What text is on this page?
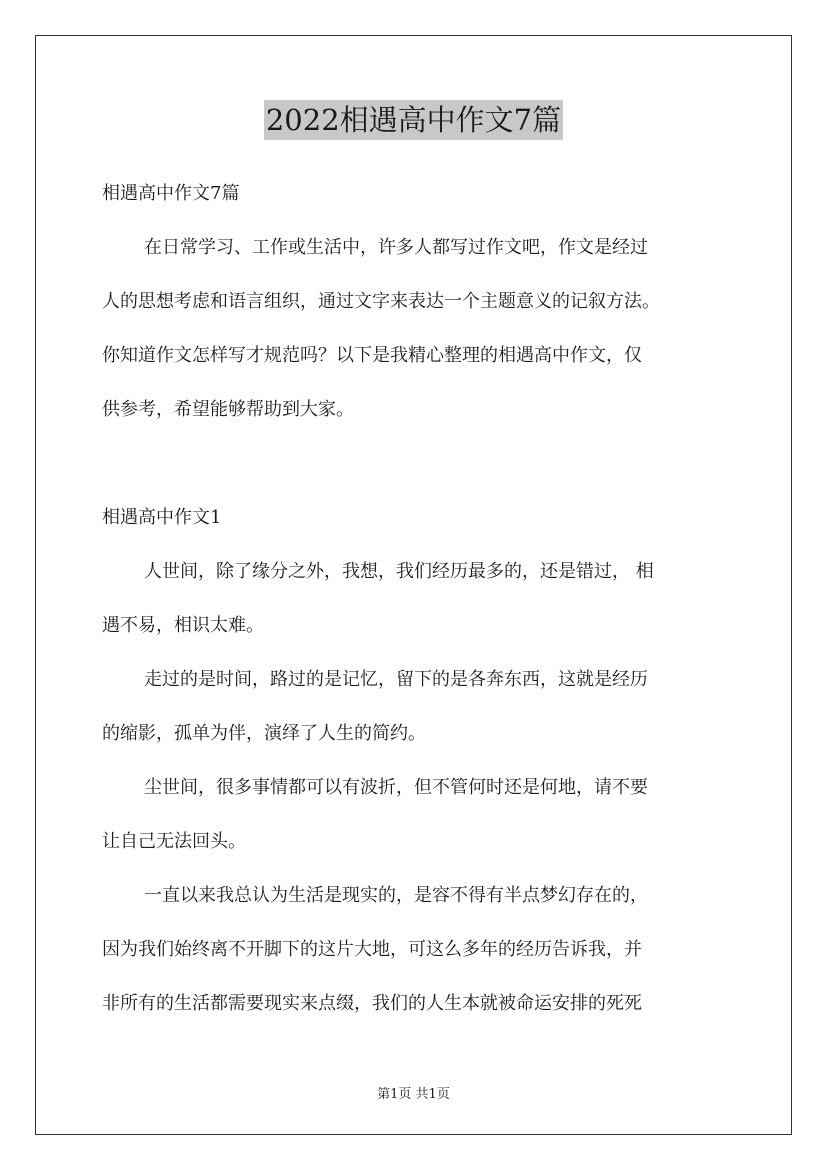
2022相遇高中作文7篇
相遇高中作文7篇
在日常学习、工作或生活中，许多人都写过作文吧，作文是经过
人的思想考虑和语言组织，通过文字来表达一个主题意义的记叙方法。
你知道作文怎样写才规范吗？以下是我精心整理的相遇高中作文，仅
供参考，希望能够帮助到大家。
相遇高中作文1
人世间，除了缘分之外，我想，我们经历最多的，还是错过， 相
遇不易，相识太难。
走过的是时间，路过的是记忆，留下的是各奔东西，这就是经历
的缩影，孤单为伴，演绎了人生的简约。
尘世间，很多事情都可以有波折，但不管何时还是何地，请不要
让自己无法回头。
一直以来我总认为生活是现实的，是容不得有半点梦幻存在的，
因为我们始终离不开脚下的这片大地，可这么多年的经历告诉我，并
非所有的生活都需要现实来点缀，我们的人生本就被命运安排的死死
第1页 共1页
